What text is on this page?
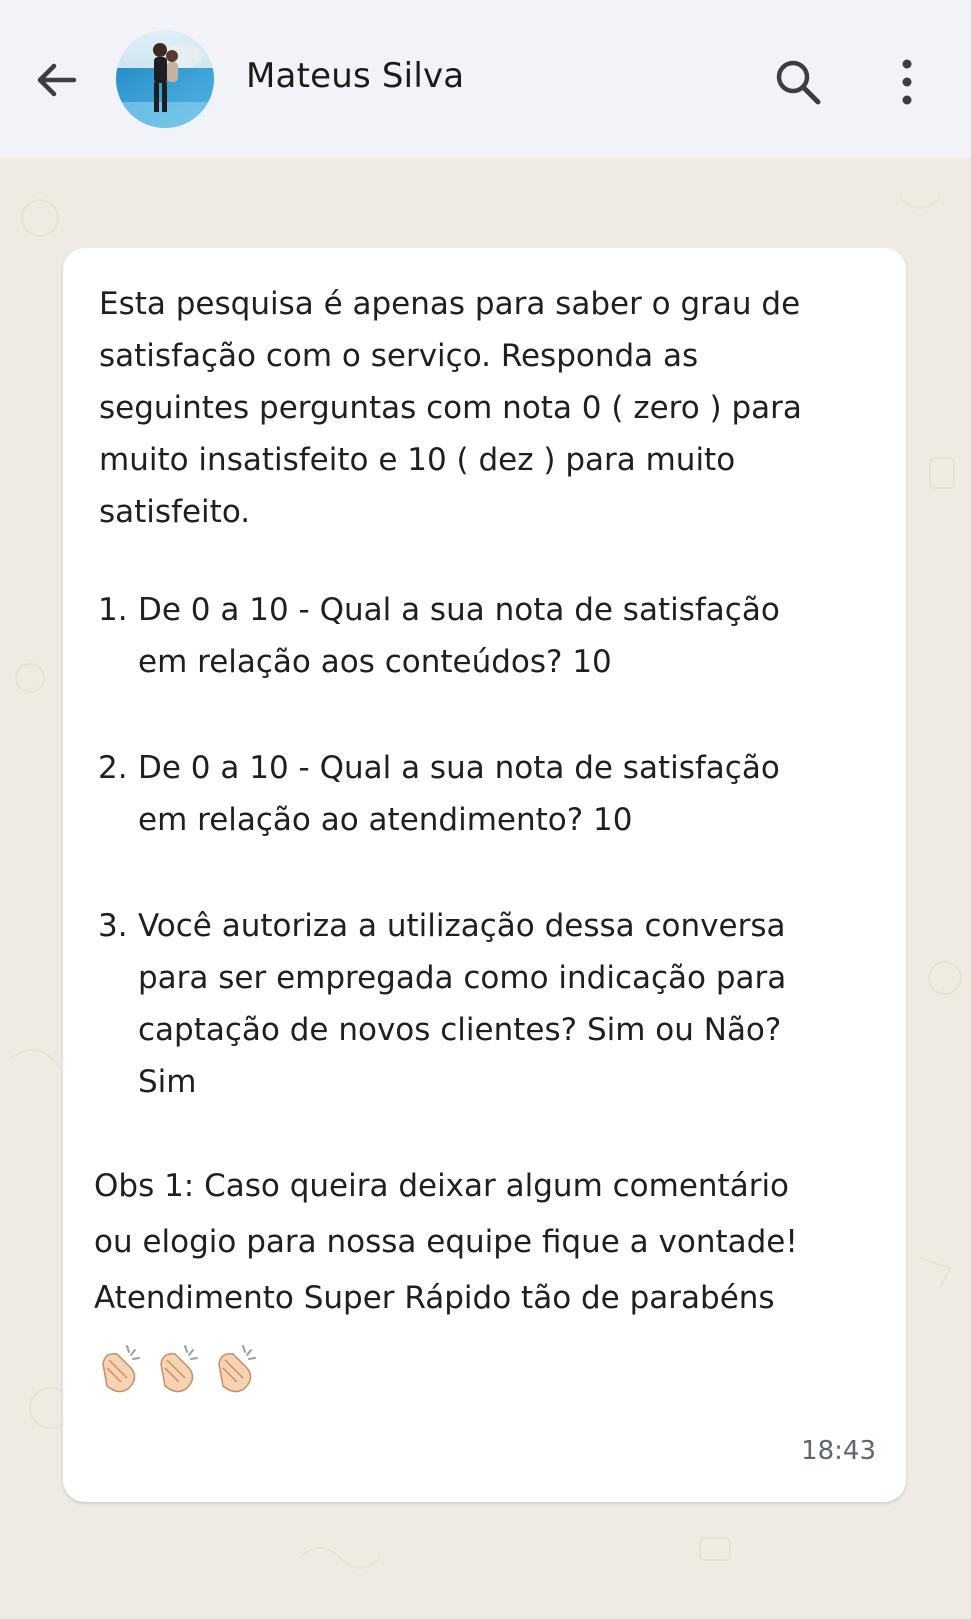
Mateus Silva
Esta pesquisa é apenas para saber o grau de
satisfação com o serviço. Responda as
seguintes perguntas com nota 0 ( zero ) para
muito insatisfeito e 10 ( dez ) para muito
satisfeito.
1. De 0 a 10 - Qual a sua nota de satisfação
em relação aos conteúdos? 10
2. De 0 a 10 - Qual a sua nota de satisfação
em relação ao atendimento? 10
3. Você autoriza a utilização dessa conversa
para ser empregada como indicação para
captação de novos clientes? Sim ou Não?
Sim
Obs 1: Caso queira deixar algum comentário
ou elogio para nossa equipe fique a vontade!
Atendimento Super Rápido tão de parabéns
18:43
